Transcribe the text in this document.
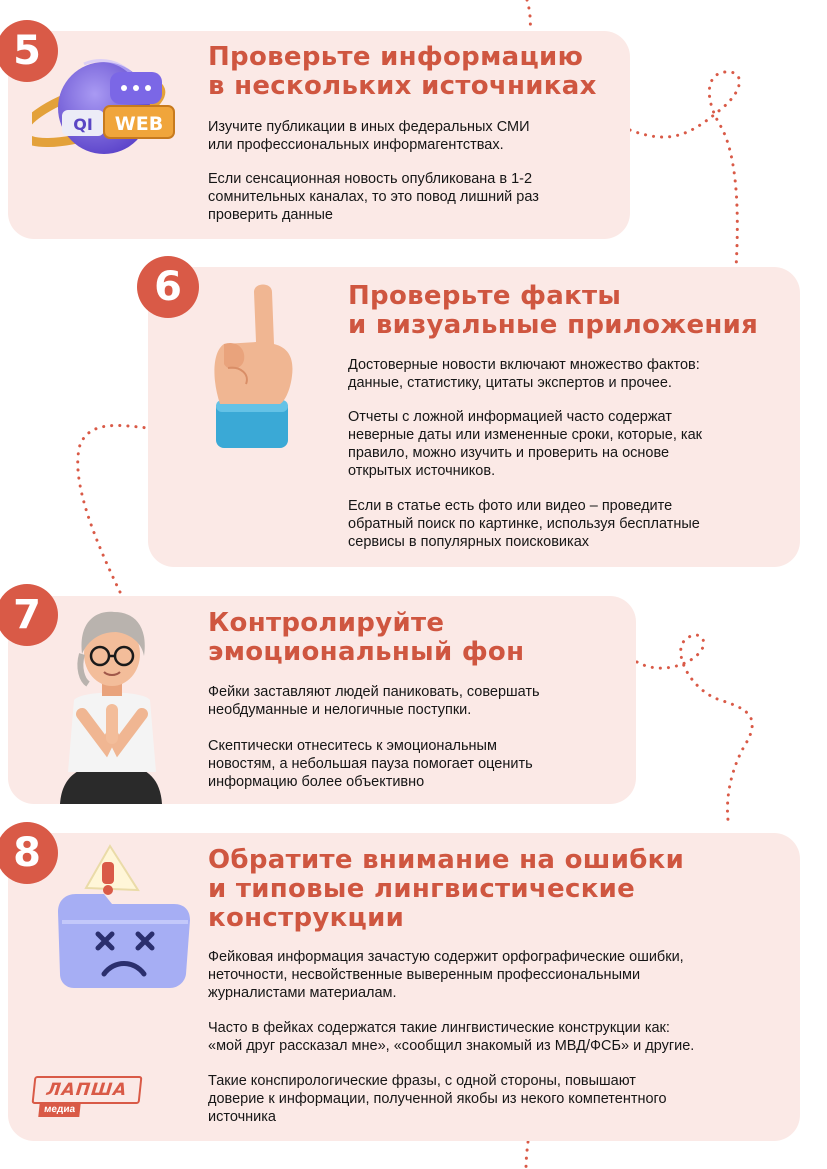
5
QI WEB
Проверьте информацию
в нескольких источниках

Изучите публикации в иных федеральных СМИ
или профессиональных информагентствах.

Если сенсационная новость опубликована в 1-2
сомнительных каналах, то это повод лишний раз
проверить данные

6	Проверьте факты
и визуальные приложения

Достоверные новости включают множество фактов:
данные, статистику, цитаты экспертов и прочее.

Отчеты с ложной информацией часто содержат
неверные даты или измененные сроки, которые, как
правило, можно изучить и проверить на основе
открытых источников.

Если в статье есть фото или видео – проведите
обратный поиск по картинке, используя бесплатные
сервисы в популярных поисковиках

7	Контролируйте
эмоциональный фон

Фейки заставляют людей паниковать, совершать
необдуманные и нелогичные поступки.

Скептически отнеситесь к эмоциональным
новостям, а небольшая пауза помогает оценить
информацию более объективно

8	Обратите внимание на ошибки
и типовые лингвистические
конструкции

Фейковая информация зачастую содержит орфографические ошибки,
неточности, несвойственные выверенным профессиональными
журналистами материалам.

Часто в фейках содержатся такие лингвистические конструкции как:
«мой друг рассказал мне», «сообщил знакомый из МВД/ФСБ» и другие.

Такие конспирологические фразы, с одной стороны, повышают
доверие к информации, полученной якобы из некого компетентного
источника

ЛАПША
медиа
